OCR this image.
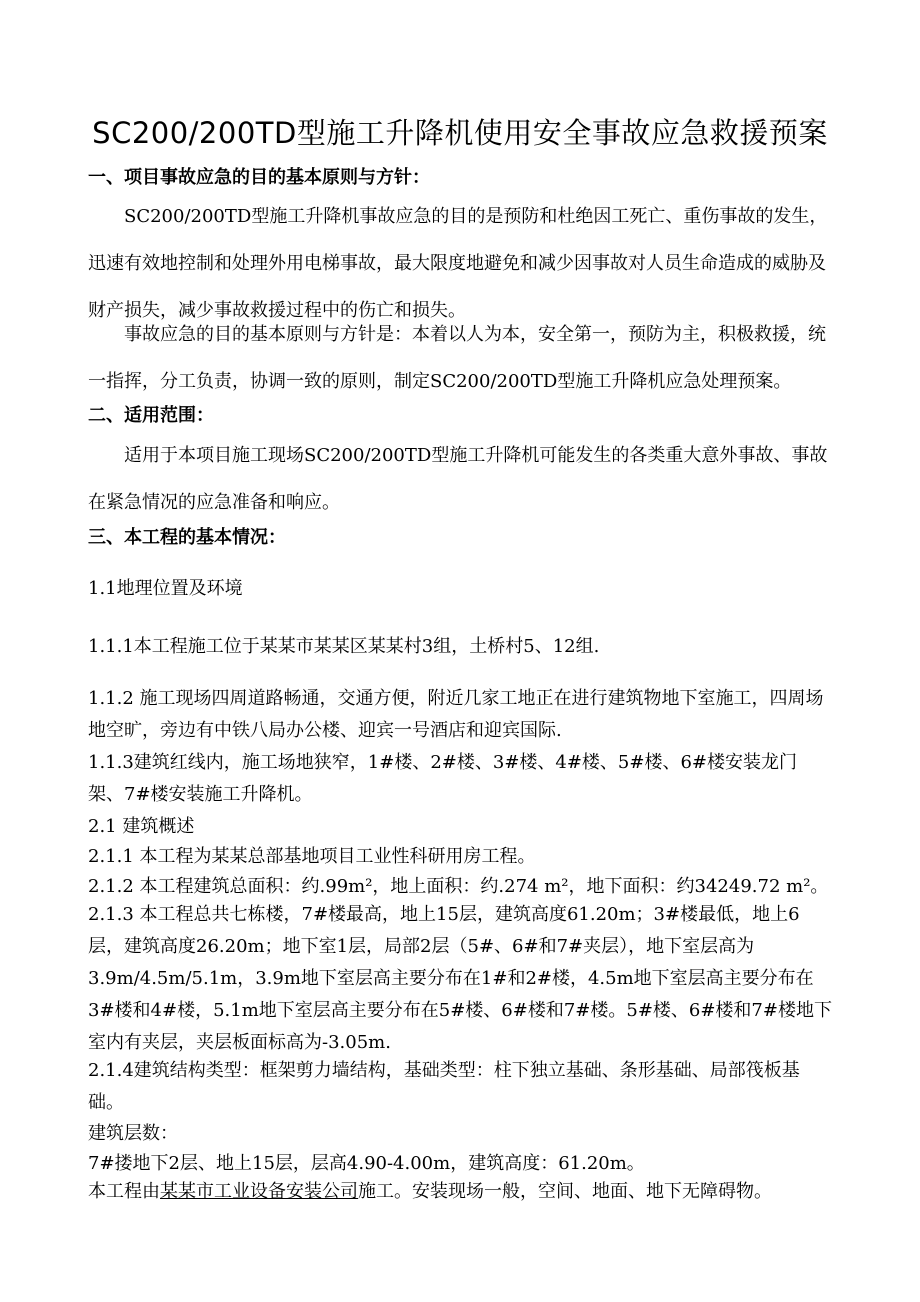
SC200/200TD型施工升降机使用安全事故应急救援预案
一、项目事故应急的目的基本原则与方针：

SC200/200TD型施工升降机事故应急的目的是预防和杜绝因工死亡、重伤事故的发生，迅速有效地控制和处理外用电梯事故，最大限度地避免和减少因事故对人员生命造成的威胁及财产损失，减少事故救援过程中的伤亡和损失。

事故应急的目的基本原则与方针是：本着以人为本，安全第一，预防为主，积极救援，统一指挥，分工负责，协调一致的原则，制定SC200/200TD型施工升降机应急处理预案。

二、适用范围：

适用于本项目施工现场SC200/200TD型施工升降机可能发生的各类重大意外事故、事故在紧急情况的应急准备和响应。

三、本工程的基本情况：
1.1地理位置及环境
1.1.1本工程施工位于某某市某某区某某村3组，土桥村5、12组.

1.1.2 施工现场四周道路畅通，交通方便，附近几家工地正在进行建筑物地下室施工，四周场地空旷，旁边有中铁八局办公楼、迎宾一号酒店和迎宾国际.

1.1.3建筑红线内，施工场地狭窄，1#楼、2#楼、3#楼、4#楼、5#楼、6#楼安装龙门架、7#楼安装施工升降机。

2.1 建筑概述
2.1.1 本工程为某某总部基地项目工业性科研用房工程。
2.1.2 本工程建筑总面积：约.99m²，地上面积：约.274 m²，地下面积：约34249.72 m²。

2.1.3 本工程总共七栋楼，7#楼最高，地上15层，建筑高度61.20m；3#楼最低，地上6层，建筑高度26.20m；地下室1层，局部2层（5#、6#和7#夹层），地下室层高为3.9m/4.5m/5.1m，3.9m地下室层高主要分布在1#和2#楼，4.5m地下室层高主要分布在3#楼和4#楼，5.1m地下室层高主要分布在5#楼、6#楼和7#楼。5#楼、6#楼和7#楼地下室内有夹层，夹层板面标高为-3.05m.

2.1.4建筑结构类型：框架剪力墙结构，基础类型：柱下独立基础、条形基础、局部筏板基础。

建筑层数：
7#搂地下2层、地上15层，层高4.90-4.00m，建筑高度：61.20m。
本工程由某某市工业设备安装公司施工。安装现场一般，空间、地面、地下无障碍物。
